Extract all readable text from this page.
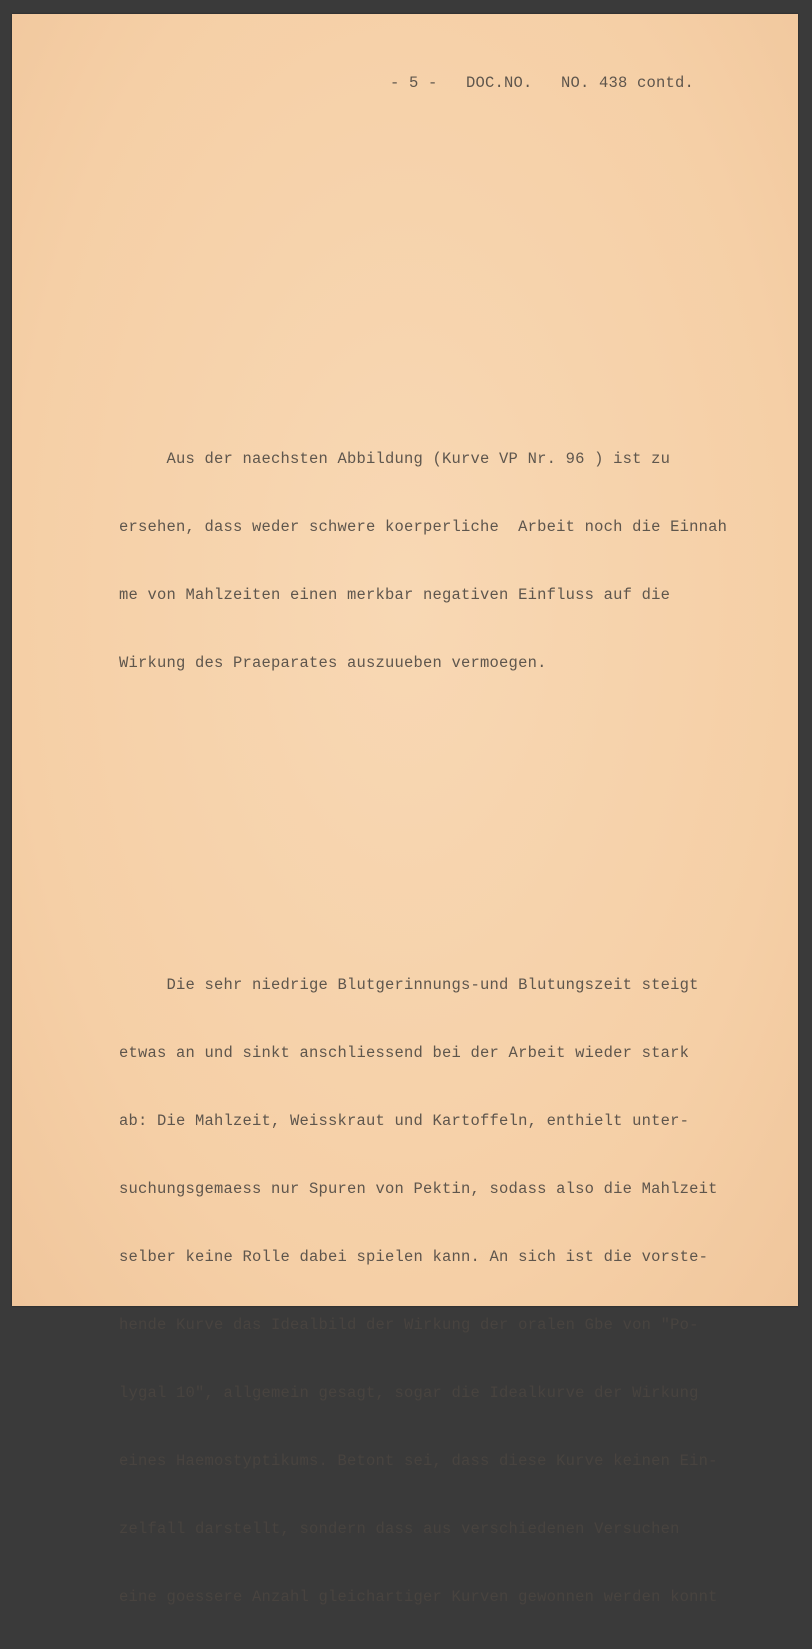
- 5 -   DOC.NO.   NO. 438 contd.

Aus der naechsten Abbildung (Kurve VP Nr. 96 ) ist zu

ersehen, dass weder schwere koerperliche  Arbeit noch die Einnah

me von Mahlzeiten einen merkbar negativen Einfluss auf die

Wirkung des Praeparates auszuueben vermoegen.

Die sehr niedrige Blutgerinnungs-und Blutungszeit steigt

etwas an und sinkt anschliessend bei der Arbeit wieder stark

ab: Die Mahlzeit, Weisskraut und Kartoffeln, enthielt unter-

suchungsgemaess nur Spuren von Pektin, sodass also die Mahlzeit

selber keine Rolle dabei spielen kann. An sich ist die vorste-

hende Kurve das Idealbild der Wirkung der oralen Gbe von "Po-

lygal 10", allgemein gesagt, sogar die Idealkurve der Wirkung

eines Haemostyptikums. Betont sei, dass diese Kurve keinen Ein-

zelfall darstellt, sondern dass aus verschiedenen Versuchen

eine goessere Anzahl gleichartiger Kurven gewonnen werden konnt
